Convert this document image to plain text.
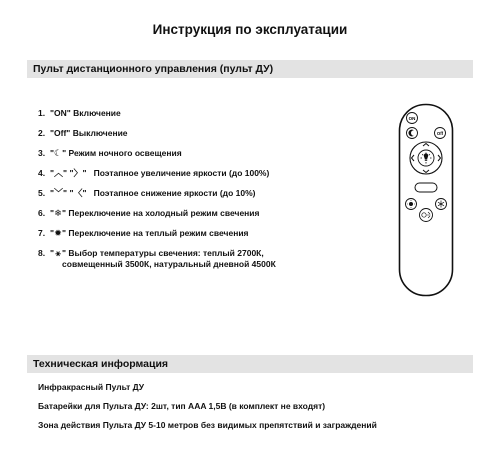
Инструкция по эксплуатации
Пульт дистанционного управления (пульт ДУ)
1. "ON" Включение
2. "Off" Выключение
3. "☾" Режим ночного освещения
4. "︿" "〉"   Поэтапное увеличение яркости (до 100%)
5. "﹀" "〈"   Поэтапное снижение яркости (до 10%)
6. "❄" Переключение на холодный режим свечения
7. "✹" Переключение на теплый режим свечения
8. "⚹" Выбор температуры свечения: теплый 2700К, совмещенный 3500К, натуральный дневной 4500К
ON
Off
Техническая информация
Инфракрасный Пульт ДУ
Батарейки для Пульта ДУ: 2шт, тип AAA 1,5В (в комплект не входят)
Зона действия Пульта ДУ 5-10 метров без видимых препятствий и заграждений
